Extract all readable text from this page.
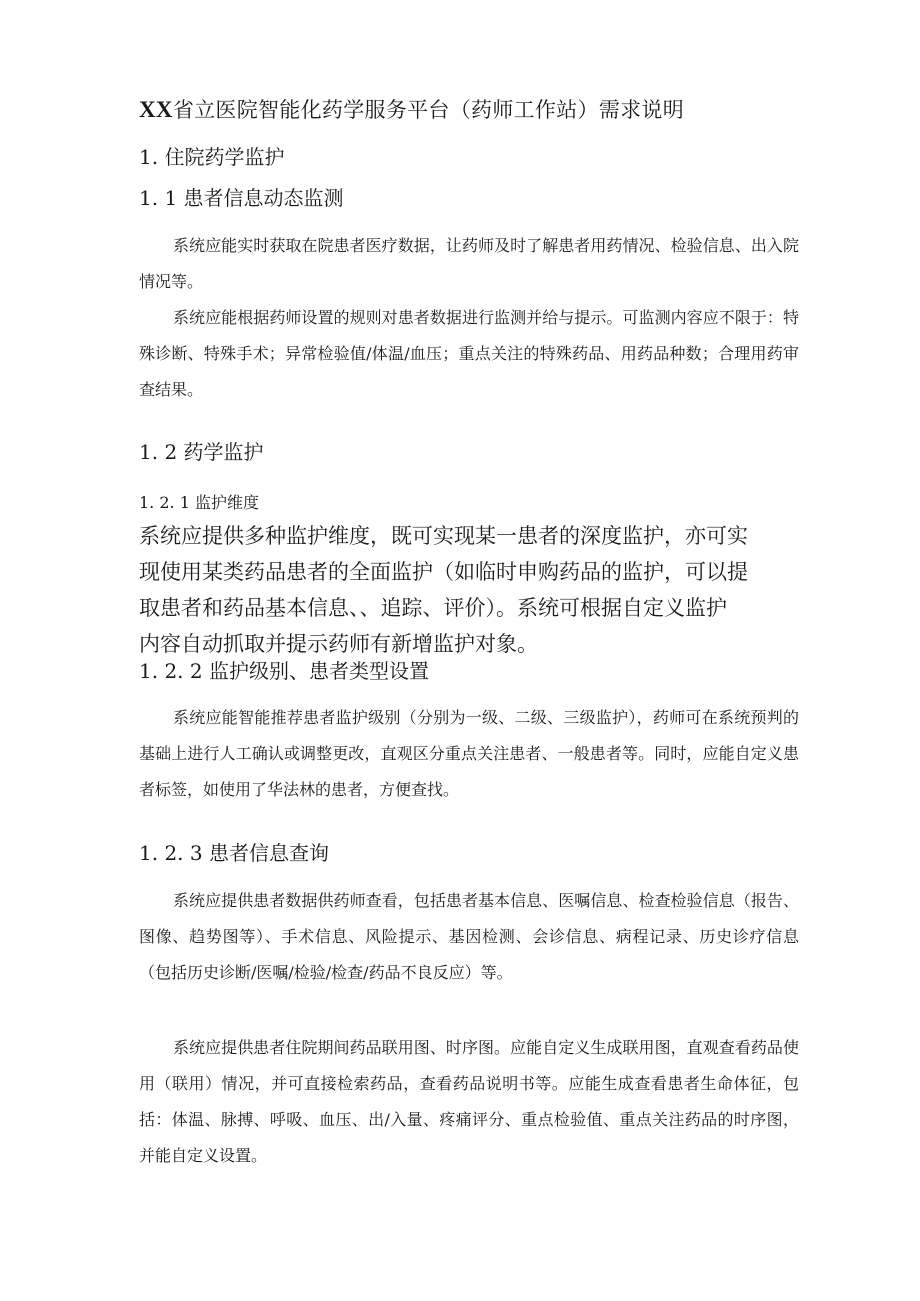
XX省立医院智能化药学服务平台（药师工作站）需求说明
1. 住院药学监护
1. 1 患者信息动态监测
系统应能实时获取在院患者医疗数据，让药师及时了解患者用药情况、检验信息、出入院情况等。
系统应能根据药师设置的规则对患者数据进行监测并给与提示。可监测内容应不限于：特殊诊断、特殊手术；异常检验值/体温/血压；重点关注的特殊药品、用药品种数；合理用药审查结果。
1. 2 药学监护
1. 2. 1 监护维度
系统应提供多种监护维度，既可实现某一患者的深度监护，亦可实
现使用某类药品患者的全面监护（如临时申购药品的监护，可以提
取患者和药品基本信息、、追踪、评价）。系统可根据自定义监护
内容自动抓取并提示药师有新增监护对象。
1. 2. 2 监护级别、患者类型设置
系统应能智能推荐患者监护级别（分别为一级、二级、三级监护），药师可在系统预判的基础上进行人工确认或调整更改，直观区分重点关注患者、一般患者等。同时，应能自定义患者标签，如使用了华法林的患者，方便查找。
1. 2. 3 患者信息查询
系统应提供患者数据供药师查看，包括患者基本信息、医嘱信息、检查检验信息（报告、图像、趋势图等）、手术信息、风险提示、基因检测、会诊信息、病程记录、历史诊疗信息（包括历史诊断/医嘱/检验/检查/药品不良反应）等。
系统应提供患者住院期间药品联用图、时序图。应能自定义生成联用图，直观查看药品使用（联用）情况，并可直接检索药品，查看药品说明书等。应能生成查看患者生命体征，包括：体温、脉搏、呼吸、血压、出/入量、疼痛评分、重点检验值、重点关注药品的时序图，并能自定义设置。
